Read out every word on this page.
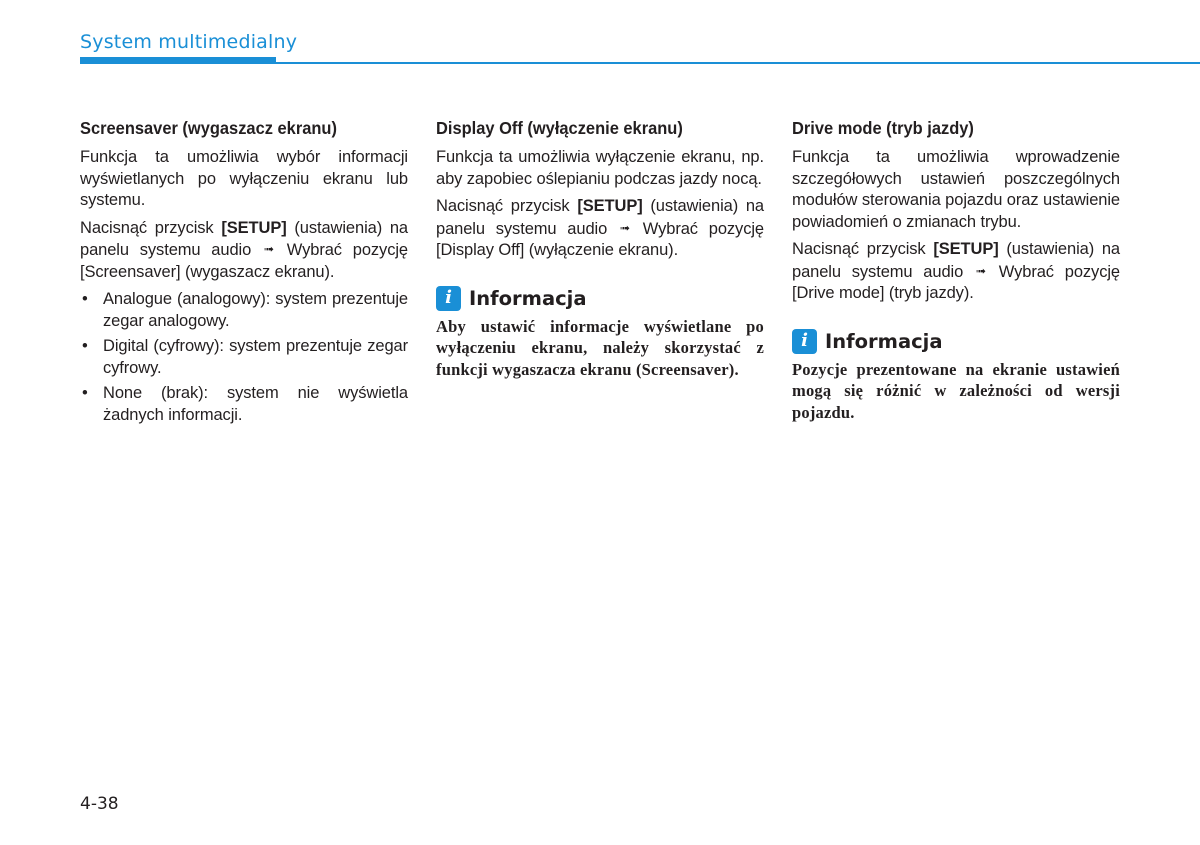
System multimedialny
Screensaver (wygaszacz ekranu)

Funkcja ta umożliwia wybór informacji wyświetlanych po wyłączeniu ekranu lub systemu.

Nacisnąć przycisk [SETUP] (ustawienia) na panelu systemu audio ➟ Wybrać pozycję [Screensaver] (wygaszacz ekranu).

• Analogue (analogowy): system prezentuje zegar analogowy.
• Digital (cyfrowy): system prezentuje zegar cyfrowy.
• None (brak): system nie wyświetla żadnych informacji.
Display Off (wyłączenie ekranu)

Funkcja ta umożliwia wyłączenie ekranu, np. aby zapobiec oślepianiu podczas jazdy nocą.

Nacisnąć przycisk [SETUP] (ustawienia) na panelu systemu audio ➟ Wybrać pozycję [Display Off] (wyłączenie ekranu).

i Informacja

Aby ustawić informacje wyświetlane po wyłączeniu ekranu, należy skorzystać z funkcji wygaszacza ekranu (Screensaver).

Drive mode (tryb jazdy)

Funkcja ta umożliwia wprowadzenie szczegółowych ustawień poszczególnych modułów sterowania pojazdu oraz ustawienie powiadomień o zmianach trybu.

Nacisnąć przycisk [SETUP] (ustawienia) na panelu systemu audio ➟ Wybrać pozycję [Drive mode] (tryb jazdy).

i Informacja

Pozycje prezentowane na ekranie ustawień mogą się różnić w zależności od wersji pojazdu.

4-38
